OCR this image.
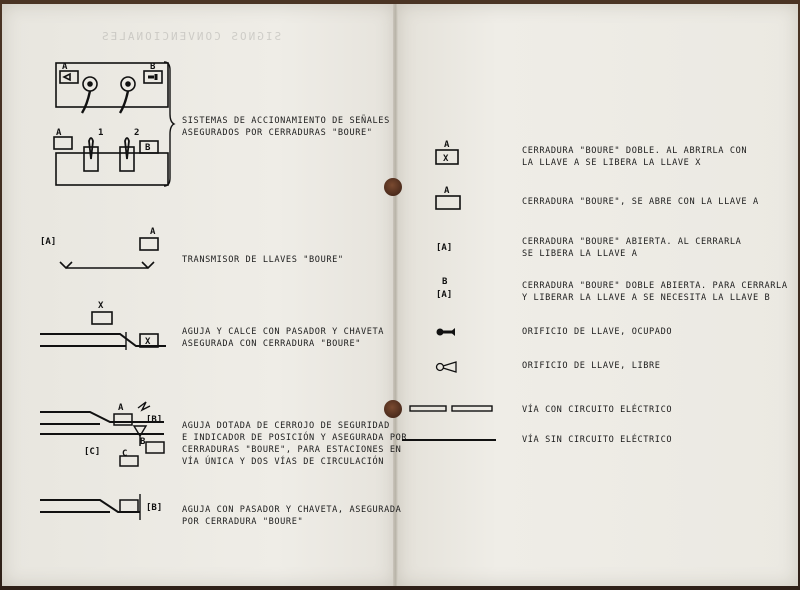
SIGNOS CONVENCIONALES
A	B
A	1	2
B
[A]
A
X
X
A
[B]
B
[C] C
[B]
SISTEMAS DE ACCIONAMIENTO DE SEÑALES
ASEGURADOS POR CERRADURAS "BOURE"
TRANSMISOR DE LLAVES "BOURE"
AGUJA Y CALCE CON PASADOR Y CHAVETA
ASEGURADA CON CERRADURA "BOURE"
AGUJA DOTADA DE CERROJO DE SEGURIDAD
E INDICADOR DE POSICIÓN Y ASEGURADA POR
CERRADURAS "BOURE", PARA ESTACIONES EN
VÍA ÚNICA Y DOS VÍAS DE CIRCULACIÓN
AGUJA CON PASADOR Y CHAVETA, ASEGURADA
POR CERRADURA "BOURE"
A
X
A
[A]
B
[A]
CERRADURA "BOURE" DOBLE. AL ABRIRLA CON
LA LLAVE A SE LIBERA LA LLAVE X
CERRADURA "BOURE", SE ABRE CON LA LLAVE A
CERRADURA "BOURE" ABIERTA. AL CERRARLA
SE LIBERA LA LLAVE A
CERRADURA "BOURE" DOBLE ABIERTA. PARA CERRARLA
Y LIBERAR LA LLAVE A SE NECESITA LA LLAVE B
ORIFICIO DE LLAVE, OCUPADO
ORIFICIO DE LLAVE, LIBRE
VÍA CON CIRCUITO ELÉCTRICO
VÍA SIN CIRCUITO ELÉCTRICO
